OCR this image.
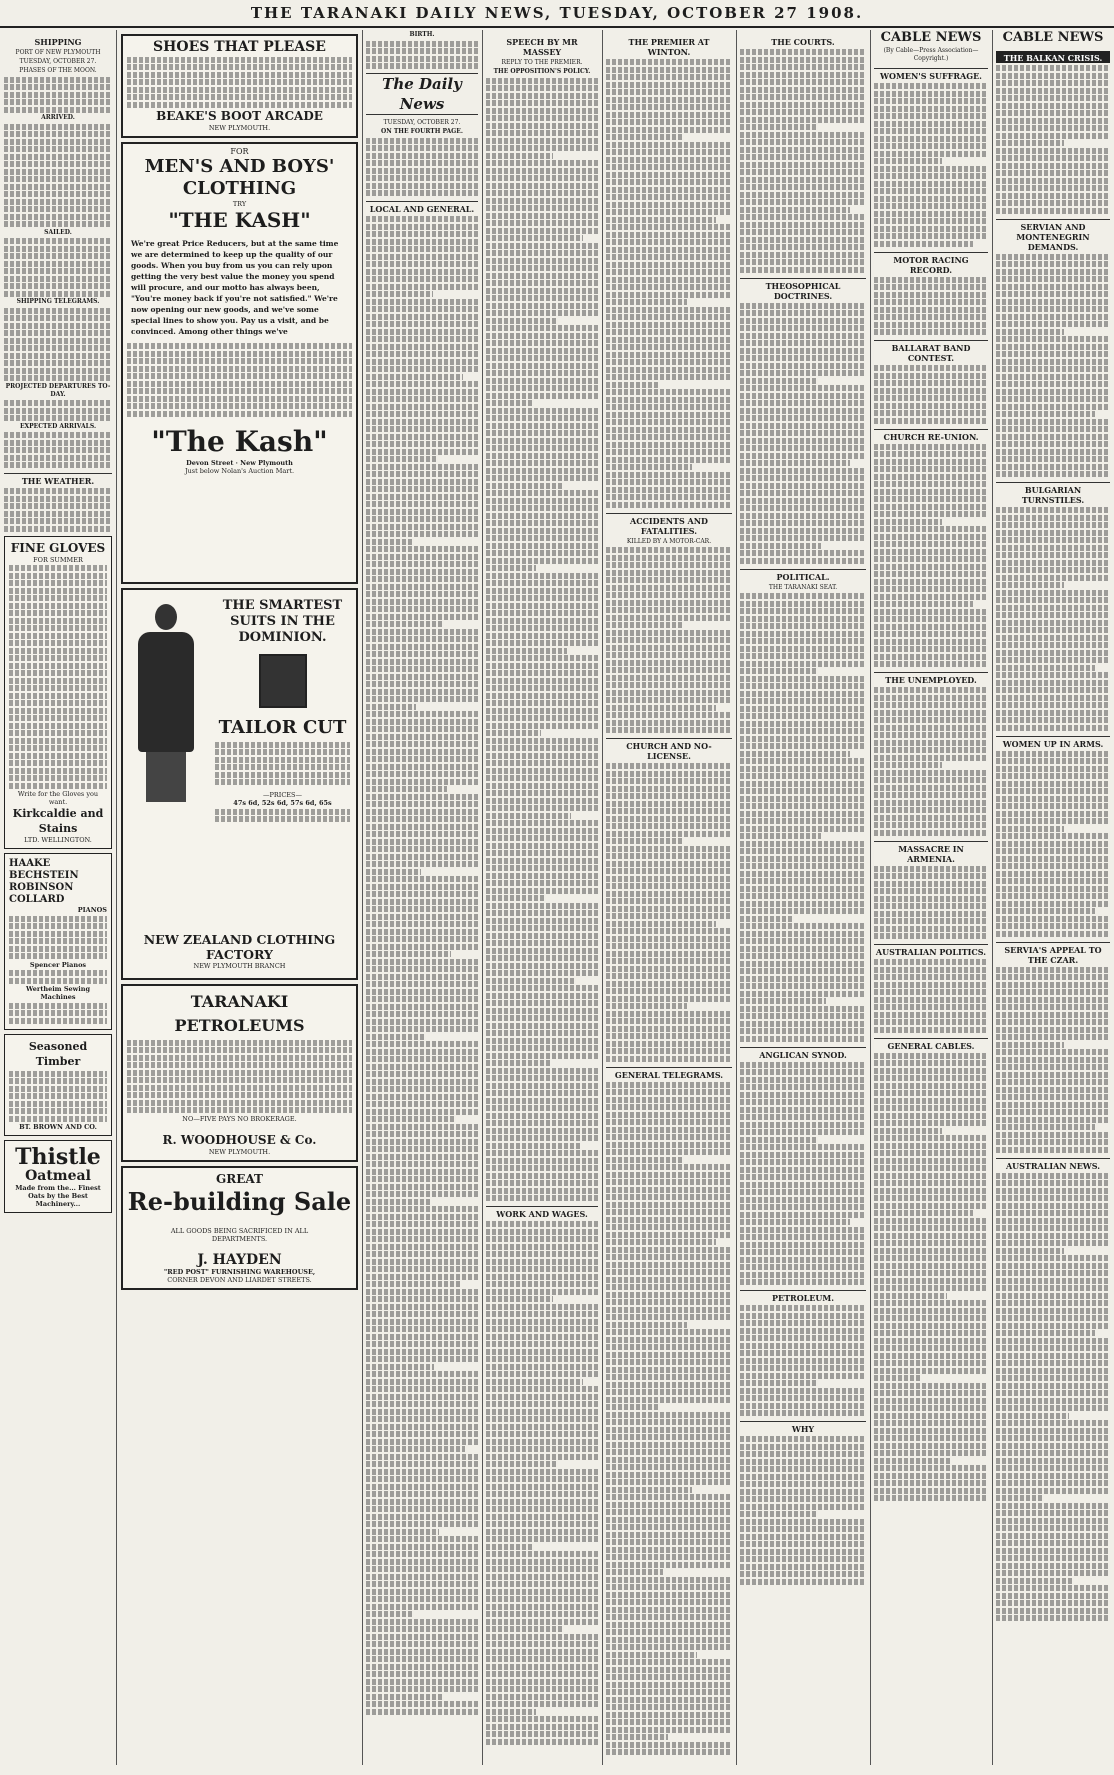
THE TARANAKI DAILY NEWS, TUESDAY, OCTOBER 27 1908.
SHIPPING
PORT OF NEW PLYMOUTH
TUESDAY, OCTOBER 27.
PHASES OF THE MOON.
ARRIVED.
SAILED.
SHIPPING TELEGRAMS.
PROJECTED DEPARTURES TO-DAY.
EXPECTED ARRIVALS.
THE WEATHER.
FINE GLOVES
FOR SUMMER
Write for the Gloves you want.
Kirkcaldie and Stains
LTD. WELLINGTON.
HAAKE
BECHSTEIN
ROBINSON
COLLARD
PIANOS
Spencer Pianos
Wertheim Sewing Machines
Seasoned Timber
BT. BROWN AND CO.
Thistle
Oatmeal
Made from the... Finest Oats by the Best Machinery...
SHOES THAT PLEASE
BEAKE'S BOOT ARCADE
NEW PLYMOUTH.
FOR
MEN'S AND BOYS' CLOTHING
TRY
"THE KASH"
We're great Price Reducers, but at the same time we are determined to keep up the quality of our goods. When you buy from us you can rely upon getting the very best value the money you spend will procure, and our motto has always been, "You're money back if you're not satisfied." We're now opening our new goods, and we've some special lines to show you. Pay us a visit, and be convinced. Among other things we've
"The Kash"
Devon Street · New Plymouth
Just below Nolan's Auction Mart.
THE SMARTEST SUITS IN THE DOMINION.
TAILOR CUT
—PRICES—
47s 6d, 52s 6d, 57s 6d, 65s
NEW ZEALAND CLOTHING FACTORY
NEW PLYMOUTH BRANCH
TARANAKI
PETROLEUMS
NO—FIVE PAYS NO BROKERAGE.
R. WOODHOUSE & Co.
NEW PLYMOUTH.
GREAT
Re-building Sale
ALL GOODS BEING SACRIFICED IN ALL DEPARTMENTS.
J. HAYDEN
"RED POST" FURNISHING WAREHOUSE,
CORNER DEVON AND LIARDET STREETS.
BIRTH.
The Daily News
TUESDAY, OCTOBER 27.
ON THE FOURTH PAGE.
LOCAL AND GENERAL.
SPEECH BY MR MASSEY
REPLY TO THE PREMIER.
THE OPPOSITION'S POLICY.
WORK AND WAGES.
THE PREMIER AT WINTON.
ACCIDENTS AND FATALITIES.
KILLED BY A MOTOR-CAR.
CHURCH AND NO-LICENSE.
GENERAL TELEGRAMS.
THE COURTS.
THEOSOPHICAL DOCTRINES.
POLITICAL.
THE TARANAKI SEAT.
ANGLICAN SYNOD.
PETROLEUM.
WHY
CABLE NEWS
(By Cable—Press Association—Copyright.)
WOMEN'S SUFFRAGE.
MOTOR RACING RECORD.
BALLARAT BAND CONTEST.
CHURCH RE-UNION.
THE UNEMPLOYED.
MASSACRE IN ARMENIA.
AUSTRALIAN POLITICS.
GENERAL CABLES.
CABLE NEWS
THE BALKAN CRISIS.
SERVIAN AND MONTENEGRIN DEMANDS.
BULGARIAN TURNSTILES.
WOMEN UP IN ARMS.
SERVIA'S APPEAL TO THE CZAR.
AUSTRALIAN NEWS.
